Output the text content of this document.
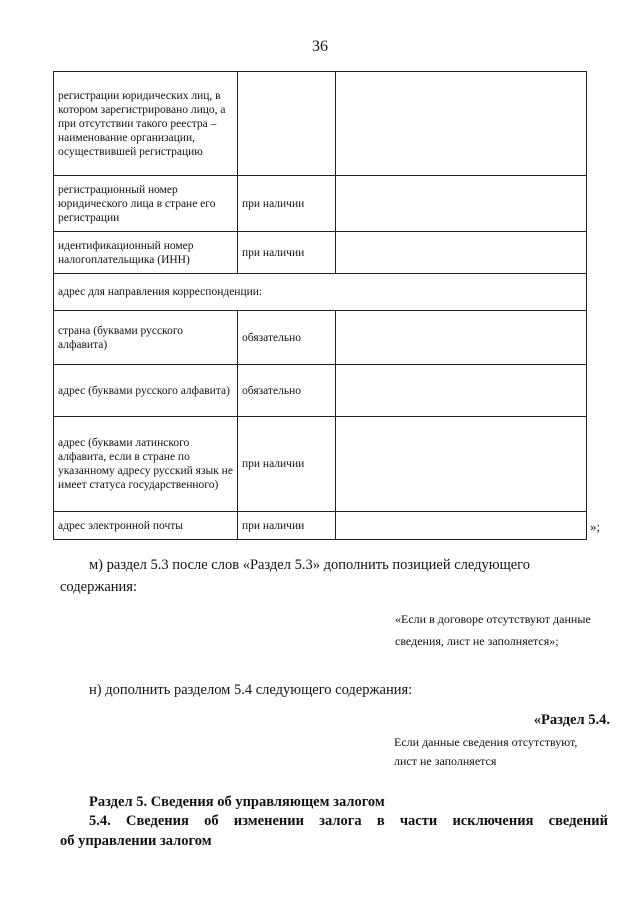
36
регистрации юридических лиц, в котором зарегистрировано лицо, а при отсутствии такого реестра – наименование организации, осуществившей регистрацию		
регистрационный номер юридического лица в стране его регистрации	при наличии	
идентификационный номер налогоплательщика (ИНН)	при наличии	
адрес для направления корреспонденции:		
страна (буквами русского алфавита)	обязательно	
адрес (буквами русского алфавита)	обязательно	
адрес (буквами латинского алфавита, если в стране по указанному адресу русский язык не имеет статуса государственного)	при наличии	
адрес электронной почты	при наличии		»;
м) раздел 5.3 после слов «Раздел 5.3» дополнить позицией следующего
содержания:
«Если в договоре отсутствуют данные
сведения, лист не заполняется»;
н) дополнить разделом 5.4 следующего содержания:
«Раздел 5.4.
Если данные сведения отсутствуют,
лист не заполняется
Раздел 5. Сведения об управляющем залогом
5.4. Сведения об изменении залога в части исключения сведений
об управлении залогом
